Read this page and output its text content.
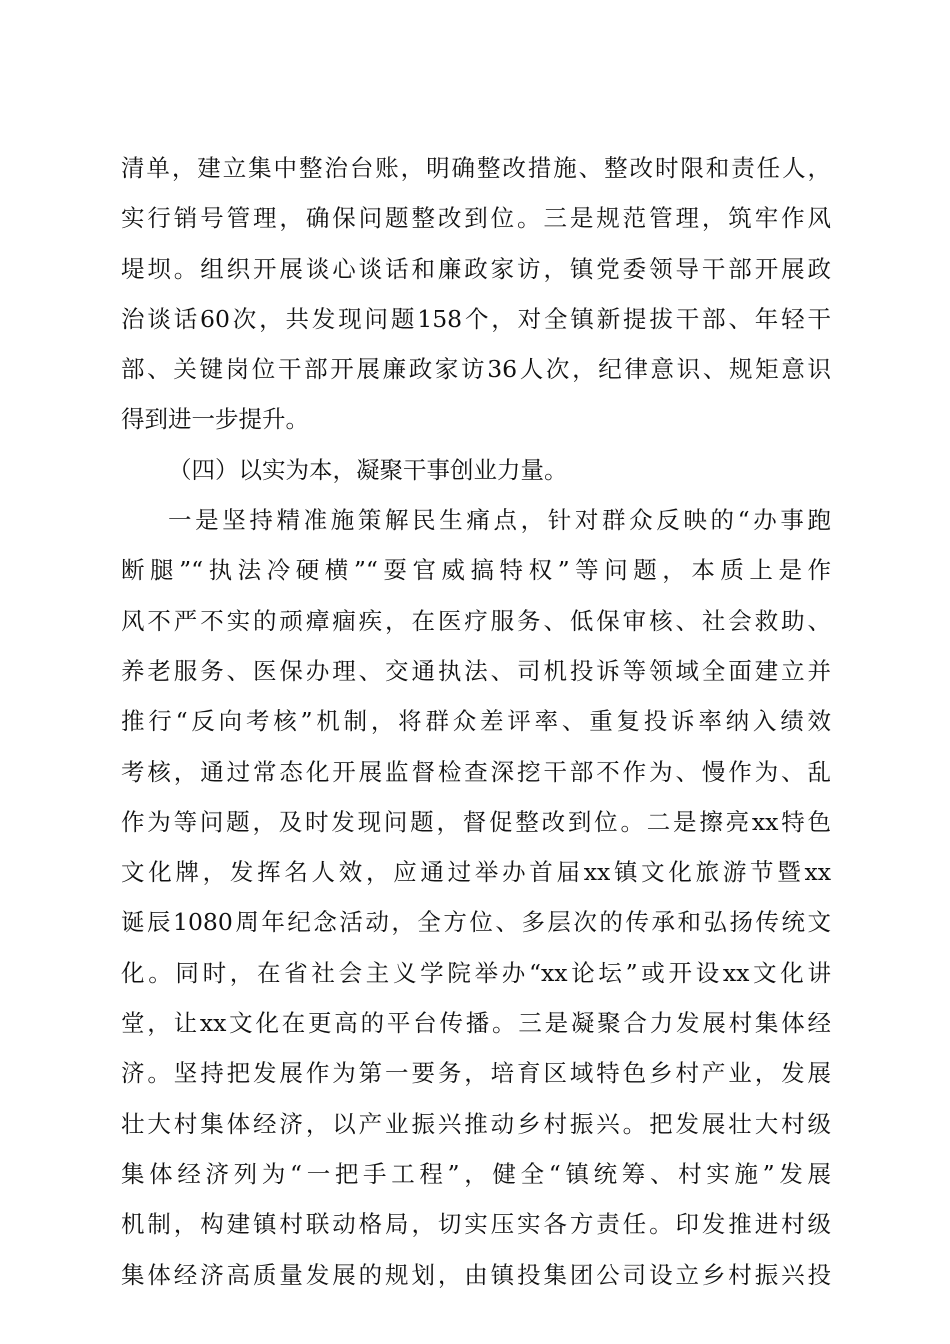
清单，建立集中整治台账，明确整改措施、整改时限和责任人，
实行销号管理，确保问题整改到位。三是规范管理，筑牢作风
堤坝。组织开展谈心谈话和廉政家访，镇党委领导干部开展政
治谈话60次，共发现问题158个，对全镇新提拔干部、年轻干
部、关键岗位干部开展廉政家访36人次，纪律意识、规矩意识
得到进一步提升。
（四）以实为本，凝聚干事创业力量。
一是坚持精准施策解民生痛点，针对群众反映的“办事跑
断腿”“执法冷硬横”“耍官威搞特权”等问题，本质上是作
风不严不实的顽瘴痼疾，在医疗服务、低保审核、社会救助、
养老服务、医保办理、交通执法、司机投诉等领域全面建立并
推行“反向考核”机制，将群众差评率、重复投诉率纳入绩效
考核，通过常态化开展监督检查深挖干部不作为、慢作为、乱
作为等问题，及时发现问题，督促整改到位。二是擦亮xx特色
文化牌，发挥名人效，应通过举办首届xx镇文化旅游节暨xx
诞辰1080周年纪念活动，全方位、多层次的传承和弘扬传统文
化。同时，在省社会主义学院举办“xx论坛”或开设xx文化讲
堂，让xx文化在更高的平台传播。三是凝聚合力发展村集体经
济。坚持把发展作为第一要务，培育区域特色乡村产业，发展
壮大村集体经济，以产业振兴推动乡村振兴。把发展壮大村级
集体经济列为“一把手工程”，健全“镇统筹、村实施”发展
机制，构建镇村联动格局，切实压实各方责任。印发推进村级
集体经济高质量发展的规划，由镇投集团公司设立乡村振兴投
